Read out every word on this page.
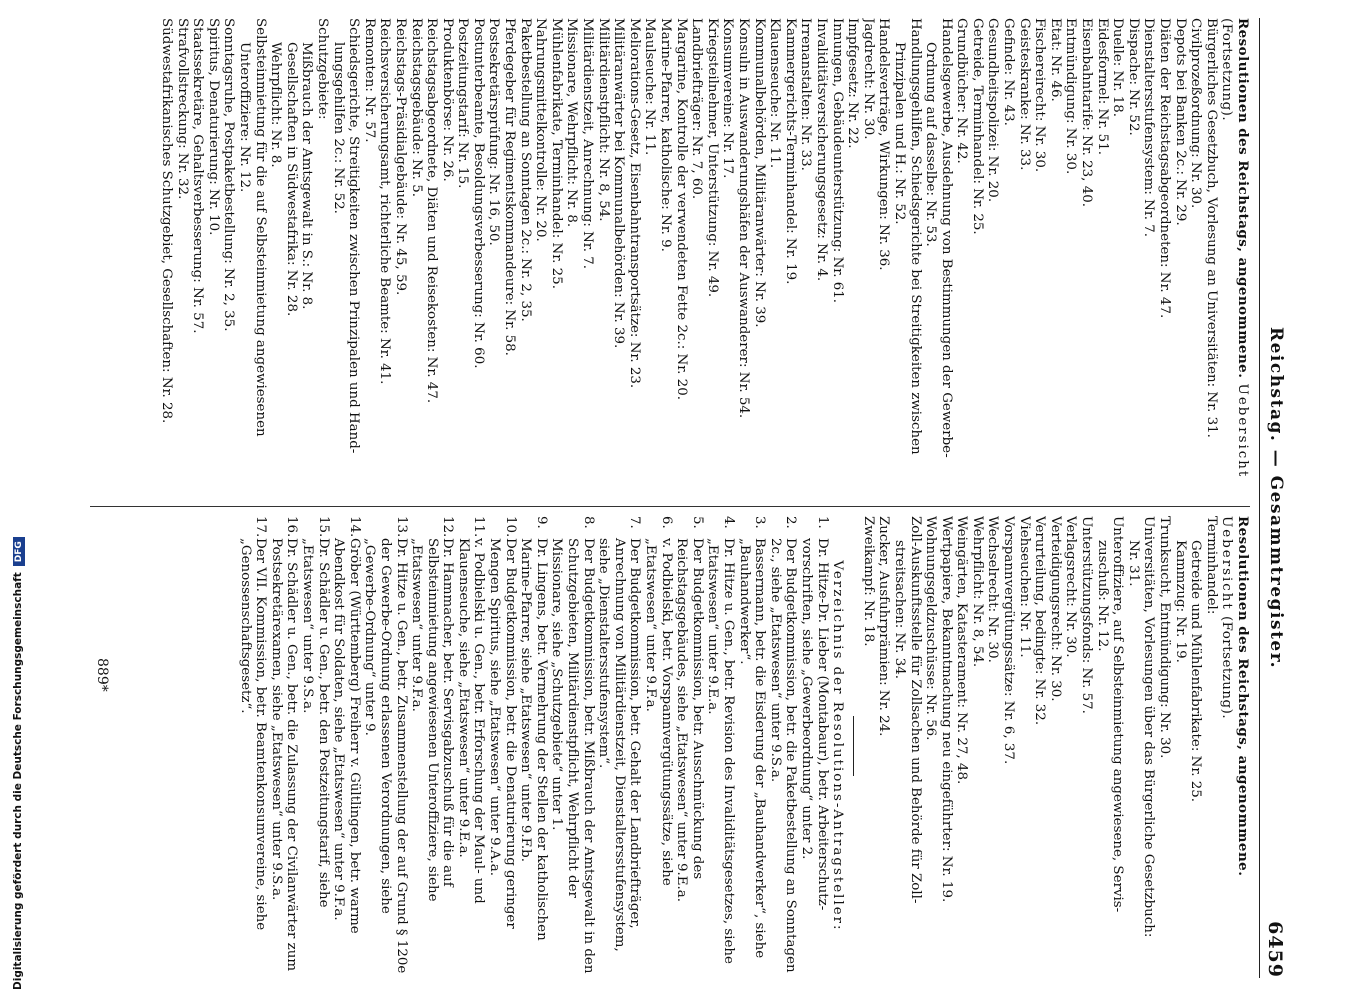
Reichstag. — Gesammtregister.
6459
Resolutionen des Reichstags, angenommene. Uebersicht (Fortsetzung).
Bürgerliches Gesetzbuch, Vorlesung an Universitäten: Nr. 31.
Civilprozeßordnung: Nr. 30.
Depots bei Banken 2c.: Nr. 29.
Diäten der Reichstagsabgeordneten: Nr. 47.
Dienstaltersstufensystem: Nr. 7.
Dispache: Nr. 52.
Duelle: Nr. 18.
Eidesformel: Nr. 51.
Eisenbahntarife: Nr. 23, 40.
Entmündigung: Nr. 30.
Etat: Nr. 46.
Fischereirecht: Nr. 30.
Geisteskranke: Nr. 33.
Gefinde: Nr. 43.
Gesundheitspolizei: Nr. 20.
Getreide, Terminhandel: Nr. 25.
Grundbücher: Nr. 42.
Handelsgewerbe, Ausdehnung von Bestimmungen der Gewerbe-
Ordnung auf dasselbe: Nr. 53.
Handlungsgehilfen, Schiedsgerichte bei Streitigkeiten zwischen
Prinzipalen und H.: Nr. 52.
Handelsverträge, Wirkungen: Nr. 36.
Jagdrecht: Nr. 30.
Impfgesetz: Nr. 22.
Innungen, Gebäudeunterstützung: Nr. 61.
Invaliditätsversicherungsgesetz: Nr. 4.
Irrenanstalten: Nr. 33.
Kammergerichts-Terminhandel: Nr. 19.
Klauenseuche: Nr. 11.
Kommunalbehörden, Militäranwärter: Nr. 39.
Konsuln in Auswanderungshäfen der Auswanderer: Nr. 54.
Konsumvereine: Nr. 17.
Kriegsteilnehmer, Unterstützung: Nr. 49.
Landbriefträger: Nr. 7, 60.
Margarine, Kontrolle der verwendeten Fette 2c.: Nr. 20.
Marine-Pfarrer, katholische: Nr. 9.
Maulseuche: Nr. 11.
Meliorations-Gesetz, Eisenbahntransportsätze: Nr. 23.
Militäranwärter bei Kommunalbehörden: Nr. 39.
Militärdienstpflicht: Nr. 8, 54.
Militärdienstzeit, Anrechnung: Nr. 7.
Missionare, Wehrpflicht: Nr. 8.
Mühlenfabrikate, Terminhandel: Nr. 25.
Nahrungsmittelkontrolle: Nr. 20.
Paketbestellung an Sonntagen 2c.: Nr. 2, 35.
Pferdegeber für Regimentskommandeure: Nr. 58.
Postsekretärsprüfung: Nr. 16, 50.
Postunterbeamte, Besoldungsverbesserung: Nr. 60.
Postzeitungstarif: Nr. 15.
Produktenbörse: Nr. 26.
Reichstagsabgeordnete, Diäten und Reisekosten: Nr. 47.
Reichstagsgebäude: Nr. 5.
Reichstags-Präsidialgebäude: Nr. 45, 59.
Reichsversicherungsamt, richterliche Beamte: Nr. 41.
Remonten: Nr. 57.
Schiedsgerichte, Streitigkeiten zwischen Prinzipalen und Hand-
lungsgehilfen 2c.: Nr. 52.
Schutzgebiete:
Mißbrauch der Amtsgewalt in S.: Nr. 8.
Gesellschaften in Südwestafrika: Nr. 28.
Wehrpflicht: Nr. 8.
Selbsteinmietung für die auf Selbsteinmietung angewiesenen
Unteroffiziere: Nr. 12.
Sonntagsruhe, Postpaketbestellung: Nr. 2, 35.
Spiritus, Denaturierung: Nr. 10.
Staatssekretäre, Gehaltsverbesserung: Nr. 57.
Strafvollstreckung: Nr. 32.
Südwestafrikanisches Schutzgebiet, Gesellschaften: Nr. 28.
Resolutionen des Reichstags, angenommene. Uebersicht (Fortsetzung).
Terminhandel:
Getreide und Mühlenfabrikate: Nr. 25.
Kammzug: Nr. 19.
Trunksucht, Entmündigung: Nr. 30.
Universitäten, Vorlesungen über das Bürgerliche Gesetzbuch:
Nr. 31.
Unteroffiziere, auf Selbsteinmietung angewiesene, Servis-
zuschuß: Nr. 12.
Unterstützungsfonds: Nr. 57.
Verlagsrecht: Nr. 30.
Verteidigungsrecht: Nr. 30.
Verurteilung, bedingte: Nr. 32.
Viehseuchen: Nr. 11.
Vorspannvergütungssätze: Nr. 6, 37.
Wechselrecht: Nr. 30.
Wehrpflicht: Nr. 8, 54.
Weingärten, Katasterament: Nr. 27, 48.
Wertpapiere, Bekanntmachung neu eingeführter: Nr. 19.
Wohnungsgeldzuschüsse: Nr. 56.
Zoll-Auskunftsstelle für Zollsachen und Behörde für Zoll-
streitsachen: Nr. 34.
Zucker, Ausfuhrprämien: Nr. 24.
Zweikampf: Nr. 18.
Verzeichnis der Resolutions-Antragsteller:
1.
Dr. Hitze-Dr. Lieber (Montabaur), betr. Arbeiterschutz-vorschriften, siehe „Gewerbeordnung“ unter 2.
2.
Der Budgetkommission, betr. die Paketbestellung an Sonntagen 2c., siehe „Etatswesen“ unter 9.S.a.
3.
Bassermann, betr. die Eisderung der „Bauhandwerker“, siehe „Bauhandwerker“.
4.
Dr. Hitze u. Gen., betr. Revision des Invaliditätsgesetzes, siehe „Etatswesen“ unter 9.E.a.
5.
Der Budgetkommission, betr. Ausschmückung des Reichstagsgebäudes, siehe „Etatswesen“ unter 9.E.a.
6.
v. Podbielski, betr. Vorspannvergütungssätze, siehe „Etatswesen“ unter 9.F.a.
7.
Der Budgetkommission, betr. Gehalt der Landbriefträger, Anrechnung von Militärdienstzeit, Dienstaltersstufensystem, siehe „Dienstaltersstufensystem“.
8.
Der Budgetkommission, betr. Mißbrauch der Amtsgewalt in den Schutzgebieten, Militärdienstpflicht, Wehrpflicht der Missionare, siehe „Schutzgebiete“ unter 1.
9.
Dr. Lingens, betr. Vermehrung der Stellen der katholischen Marine-Pfarrer, siehe „Etatswesen“ unter 9.F.b.
10.
Der Budgetkommission, betr. die Denaturierung geringer Mengen Spiritus, siehe „Etatswesen“ unter 9.A.a.
11.
v. Podbielski u. Gen., betr. Erforschung der Maul- und Klauenseuche, siehe „Etatswesen“ unter 9.E.a.
12.
Dr. Hammacher, betr. Servisgabzuschuß für die auf Selbsteinmietung angewiesenen Unteroffiziere, siehe „Etatswesen“ unter 9.F.a.
13.
Dr. Hitze u. Gen., betr. Zusammenstellung der auf Grund § 120e der Gewerbe-Ordnung erlassenen Verordnungen, siehe „Gewerbe-Ordnung“ unter 9.
14.
Gröber (Württemberg) Freiherr v. Gültlingen, betr. warme Abendkost für Soldaten, siehe „Etatswesen“ unter 9.F.a.
15.
Dr. Schädler u. Gen., betr. den Postzeitungstarif, siehe „Etatswesen“ unter 9.S.a.
16.
Dr. Schädler u. Gen., betr. die Zulassung der Civilanwärter zum Postsekretärexamen, siehe „Etatswesen“ unter 9.S.a.
17.
Der VII. Kommission, betr. Beamtenkonsumvereine, siehe „Genossenschaftsgesetz“.
889*
Digitalisierung gefördert durch die Deutsche ForschungsgemeinschaftDFG
